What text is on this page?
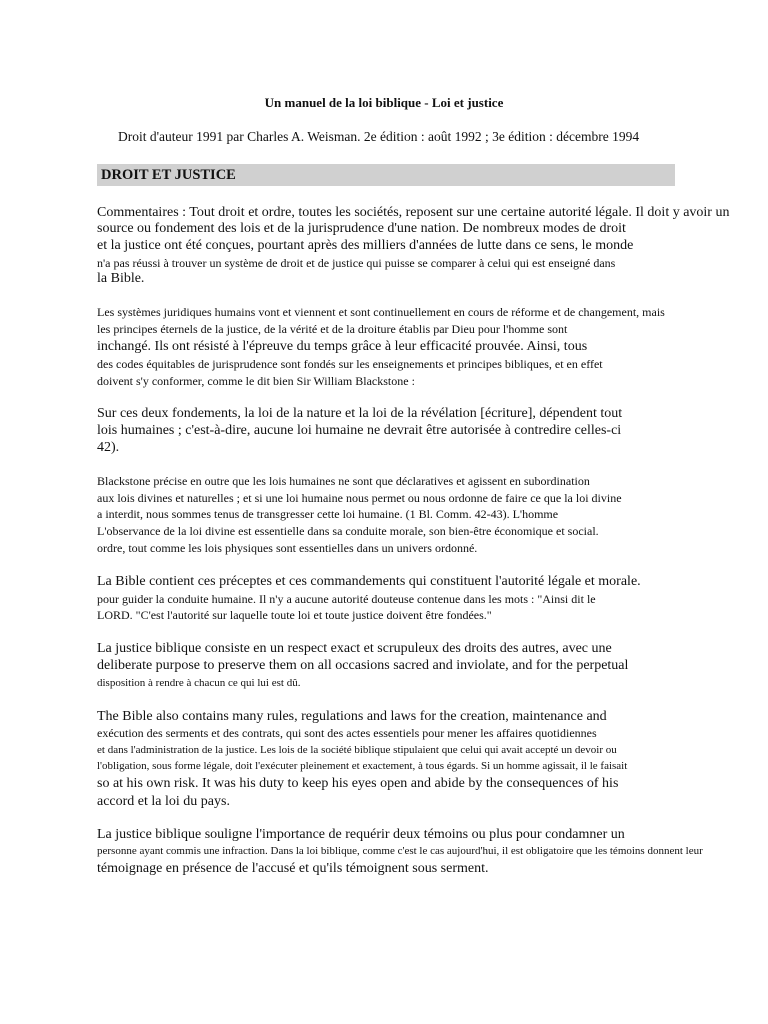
Un manuel de la loi biblique - Loi et justice
Droit d'auteur 1991 par Charles A. Weisman. 2e édition : août 1992 ; 3e édition : décembre 1994
DROIT ET JUSTICE
Commentaires : Tout droit et ordre, toutes les sociétés, reposent sur une certaine autorité légale. Il doit y avoir un
source ou fondement des lois et de la jurisprudence d'une nation. De nombreux modes de droit
et la justice ont été conçues, pourtant après des milliers d'années de lutte dans ce sens, le monde
n'a pas réussi à trouver un système de droit et de justice qui puisse se comparer à celui qui est enseigné dans
la Bible.
Les systèmes juridiques humains vont et viennent et sont continuellement en cours de réforme et de changement, mais
les principes éternels de la justice, de la vérité et de la droiture établis par Dieu pour l'homme sont
inchangé. Ils ont résisté à l'épreuve du temps grâce à leur efficacité prouvée. Ainsi, tous
des codes équitables de jurisprudence sont fondés sur les enseignements et principes bibliques, et en effet
doivent s'y conformer, comme le dit bien Sir William Blackstone :
Sur ces deux fondements, la loi de la nature et la loi de la révélation [écriture], dépendent tout
lois humaines ; c'est-à-dire, aucune loi humaine ne devrait être autorisée à contredire celles-ci
42).
Blackstone précise en outre que les lois humaines ne sont que déclaratives et agissent en subordination
aux lois divines et naturelles ; et si une loi humaine nous permet ou nous ordonne de faire ce que la loi divine
a interdit, nous sommes tenus de transgresser cette loi humaine. (1 Bl. Comm. 42-43). L'homme
L'observance de la loi divine est essentielle dans sa conduite morale, son bien-être économique et social.
ordre, tout comme les lois physiques sont essentielles dans un univers ordonné.
La Bible contient ces préceptes et ces commandements qui constituent l'autorité légale et morale.
pour guider la conduite humaine. Il n'y a aucune autorité douteuse contenue dans les mots : "Ainsi dit le
LORD. "C'est l'autorité sur laquelle toute loi et toute justice doivent être fondées."
La justice biblique consiste en un respect exact et scrupuleux des droits des autres, avec une
deliberate purpose to preserve them on all occasions sacred and inviolate, and for the perpetual
disposition à rendre à chacun ce qui lui est dû.
The Bible also contains many rules, regulations and laws for the creation, maintenance and
exécution des serments et des contrats, qui sont des actes essentiels pour mener les affaires quotidiennes
et dans l'administration de la justice. Les lois de la société biblique stipulaient que celui qui avait accepté un devoir ou
l'obligation, sous forme légale, doit l'exécuter pleinement et exactement, à tous égards. Si un homme agissait, il le faisait
so at his own risk. It was his duty to keep his eyes open and abide by the consequences of his
accord et la loi du pays.
La justice biblique souligne l'importance de requérir deux témoins ou plus pour condamner un
personne ayant commis une infraction. Dans la loi biblique, comme c'est le cas aujourd'hui, il est obligatoire que les témoins donnent leur
témoignage en présence de l'accusé et qu'ils témoignent sous serment.
